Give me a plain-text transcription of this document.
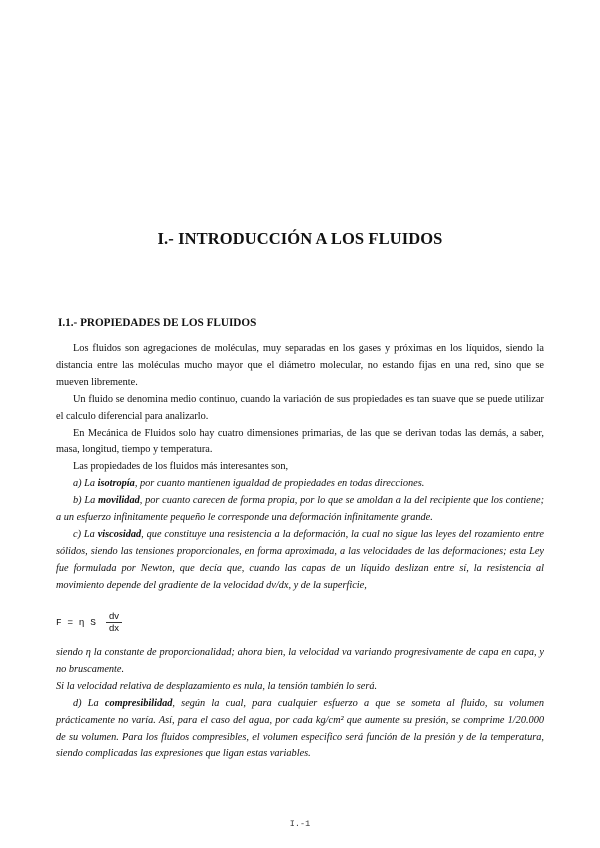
I.- INTRODUCCIÓN A LOS FLUIDOS
I.1.- PROPIEDADES DE LOS FLUIDOS

Los fluidos son agregaciones de moléculas, muy separadas en los gases y próximas en los líquidos, siendo la distancia entre las moléculas mucho mayor que el diámetro molecular, no estando fijas en una red, sino que se mueven libremente.

Un fluido se denomina medio continuo, cuando la variación de sus propiedades es tan suave que se puede utilizar el calculo diferencial para analizarlo.

En Mecánica de Fluidos solo hay cuatro dimensiones primarias, de las que se derivan todas las demás, a saber, masa, longitud, tiempo y temperatura.

Las propiedades de los fluidos más interesantes son,

a) La isotropía, por cuanto mantienen igualdad de propiedades en todas direcciones.

b) La movilidad, por cuanto carecen de forma propia, por lo que se amoldan a la del recipiente que los contiene; a un esfuerzo infinitamente pequeño le corresponde una deformación infinitamente grande.

c) La viscosidad, que constituye una resistencia a la deformación, la cual no sigue las leyes del rozamiento entre sólidos, siendo las tensiones proporcionales, en forma aproximada, a las velocidades de las deformaciones; esta Ley fue formulada por Newton, que decía que, cuando las capas de un líquido deslizan entre sí, la resistencia al movimiento depende del gradiente de la velocidad dv/dx, y de la superficie,

F = η S $\frac{dv}{dx}$

siendo η la constante de proporcionalidad; ahora bien, la velocidad va variando progresivamente de capa en capa, y no bruscamente.

Si la velocidad relativa de desplazamiento es nula, la tensión también lo será.

d) La compresibilidad, según la cual, para cualquier esfuerzo a que se someta al fluido, su volumen prácticamente no varía. Así, para el caso del agua, por cada kg/cm² que aumente su presión, se comprime 1/20.000 de su volumen. Para los fluidos compresibles, el volumen especifico será función de la presión y de la temperatura, siendo complicadas las expresiones que ligan estas variables.

I.-1
